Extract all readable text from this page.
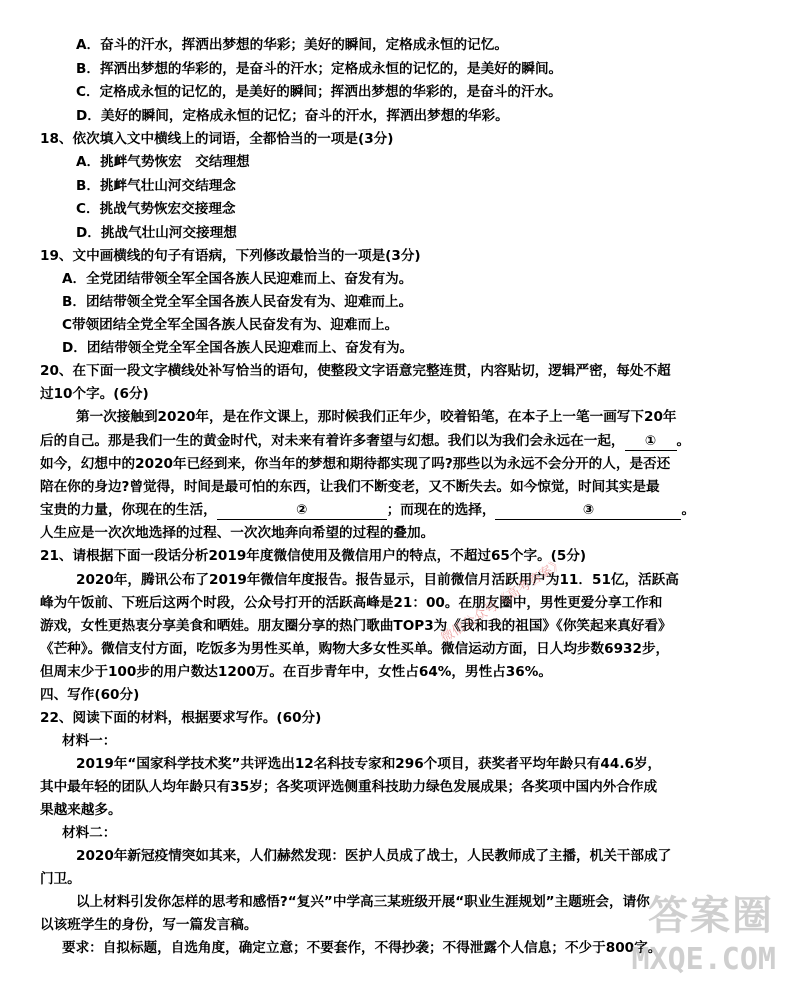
A．奋斗的汗水，挥洒出梦想的华彩；美好的瞬间，定格成永恒的记忆。
B．挥洒出梦想的华彩的，是奋斗的汗水；定格成永恒的记忆的，是美好的瞬间。
C．定格成永恒的记忆的，是美好的瞬间；挥洒出梦想的华彩的，是奋斗的汗水。
D．美好的瞬间，定格成永恒的记忆；奋斗的汗水，挥洒出梦想的华彩。
18、依次填入文中横线上的词语，全都恰当的一项是(3分)
A．挑衅气势恢宏　交结理想
B．挑衅气壮山河交结理念
C．挑战气势恢宏交接理念
D．挑战气壮山河交接理想
19、文中画横线的句子有语病，下列修改最恰当的一项是(3分)
A．全党团结带领全军全国各族人民迎难而上、奋发有为。
B．团结带领全党全军全国各族人民奋发有为、迎难而上。
C带领团结全党全军全国各族人民奋发有为、迎难而上。
D．团结带领全党全军全国各族人民迎难而上、奋发有为。
20、在下面一段文字横线处补写恰当的语句，使整段文字语意完整连贯，内容贴切，逻辑严密，每处不超
过10个字。(6分)
第一次接触到2020年，是在作文课上，那时候我们正年少，咬着铅笔，在本子上一笔一画写下20年
后的自己。那是我们一生的黄金时代，对未来有着许多奢望与幻想。我们以为我们会永远在一起， ① 。
如今，幻想中的2020年已经到来，你当年的梦想和期待都实现了吗?那些以为永远不会分开的人，是否还
陪在你的身边?曾觉得，时间是最可怕的东西，让我们不断变老，又不断失去。如今惊觉，时间其实是最
宝贵的力量，你现在的生活，	②	；而现在的选择，	③	。
人生应是一次次地选择的过程、一次次地奔向希望的过程的叠加。
21、请根据下面一段话分析2019年度微信使用及微信用户的特点，不超过65个字。(5分)
2020年，腾讯公布了2019年微信年度报告。报告显示，目前微信月活跃用户为11．51亿，活跃高
峰为午饭前、下班后这两个时段，公众号打开的活跃高峰是21：00。在朋友圈中，男性更爱分享工作和
游戏，女性更热衷分享美食和晒娃。朋友圈分享的热门歌曲TOP3为《我和我的祖国》《你笑起来真好看》
《芒种》。微信支付方面，吃饭多为男性买单，购物大多女性买单。微信运动方面，日人均步数6932步，
但周末少于100步的用户数达1200万。在百步青年中，女性占64%，男性占36%。
四、写作(60分)
22、阅读下面的材料，根据要求写作。(60分)
材料一：
2019年“国家科学技术奖”共评选出12名科技专家和296个项目，获奖者平均年龄只有44.6岁，
其中最年轻的团队人均年龄只有35岁；各奖项评选侧重科技助力绿色发展成果；各奖项中国内外合作成
果越来越多。
材料二：
2020年新冠疫情突如其来，人们赫然发现：医护人员成了战士，人民教师成了主播，机关干部成了
门卫。
以上材料引发你怎样的思考和感悟?“复兴”中学高三某班级开展“职业生涯规划”主题班会，请你
以该班学生的身份，写一篇发言稿。
要求：自拟标题，自选角度，确定立意；不要套作，不得抄袭；不得泄露个人信息；不少于800字。
微信公众号《高考答案》
答案圈
MXQE.COM
